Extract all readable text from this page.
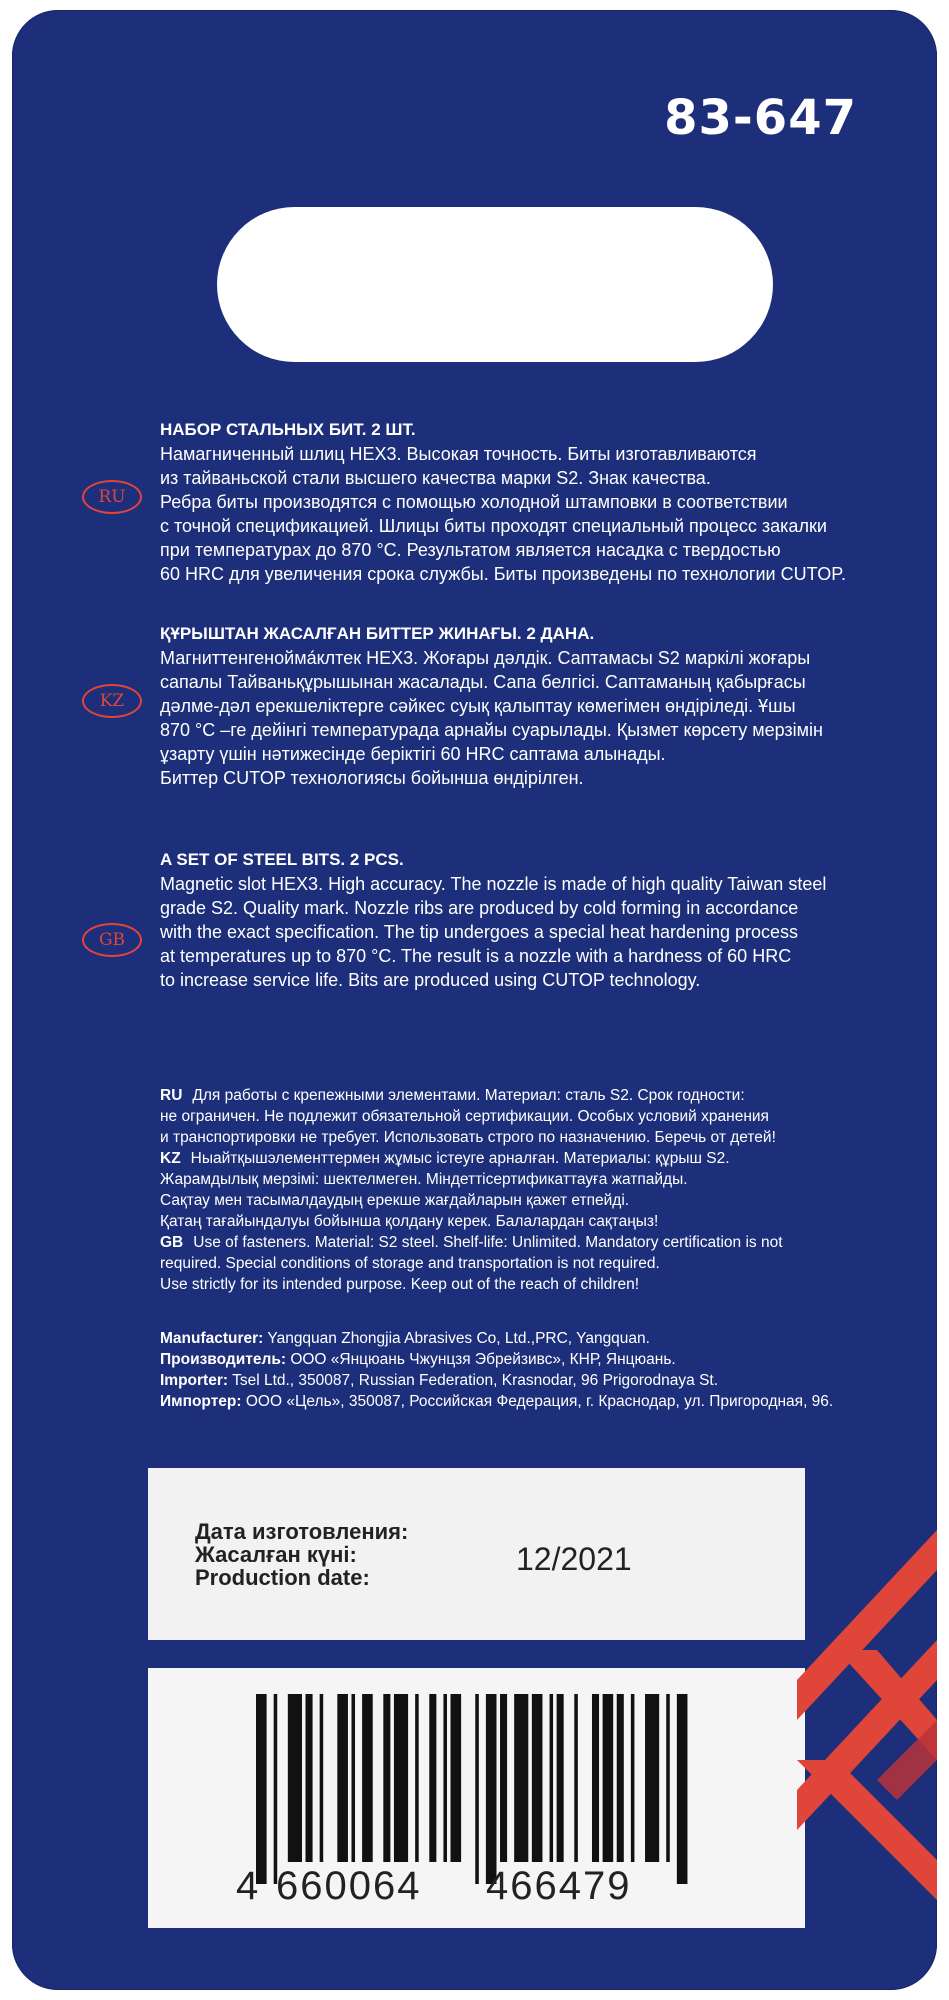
83-647
НАБОР СТАЛЬНЫХ БИТ. 2 ШТ.
Намагниченный шлиц HEX3. Высокая точность. Биты изготавливаются
из тайваньской стали высшего качества марки S2. Знак качества.
Ребра биты производятся с помощью холодной штамповки в соответствии
с точной спецификацией. Шлицы биты проходят специальный процесс закалки
при температурах до 870 °С. Результатом является насадка с твердостью
60 HRC для увеличения срока службы. Биты произведены по технологии CUTOP.
RU
ҚҰРЫШТАН ЖАСАЛҒАН БИТТЕР ЖИНАҒЫ. 2 ДАНА.
Магниттенгенойма́клтек HEX3. Жоғары дәлдік. Саптамасы S2 маркілі жоғары
сапалы Тайваньқұрышынан жасалады. Сапа белгісі. Саптаманың қабырғасы
дәлме-дәл ерекшеліктерге сәйкес суық қалыптау көмегімен өндіріледі. Ұшы
870 °С –ге дейінгі температурада арнайы суарылады. Қызмет көрсету мерзімін
ұзарту үшін нәтижесінде беріктігі 60 HRC саптама алынады.
Биттер CUTOP технологиясы бойынша өндірілген.
KZ
A SET OF STEEL BITS. 2 PCS.
Magnetic slot HEX3. High accuracy. The nozzle is made of high quality Taiwan steel
grade S2. Quality mark. Nozzle ribs are produced by cold forming in accordance
with the exact specification. The tip undergoes a special heat hardening process
at temperatures up to 870 °C. The result is a nozzle with a hardness of 60 HRC
to increase service life. Bits are produced using CUTOP technology.
GB
RU Для работы с крепежными элементами. Материал: сталь S2. Срок годности:
не ограничен. Не подлежит обязательной сертификации. Особых условий хранения
и транспортировки не требует. Использовать строго по назначению. Беречь от детей!
KZ Ныайтқышэлементтермен жұмыс істеуге арналған. Материалы: құрыш S2.
Жарамдылық мерзімі: шектелмеген. Міндеттісертификаттауға жатпайды.
Сақтау мен тасымалдаудың ерекше жағдайларын қажет етпейді.
Қатаң тағайындалуы бойынша қолдану керек. Балалардан сақтаңыз!
GB Use of fasteners. Material: S2 steel. Shelf-life: Unlimited. Mandatory certification is not
required. Special conditions of storage and transportation is not required.
Use strictly for its intended purpose. Keep out of the reach of children!
Manufacturer: Yangquan Zhongjia Abrasives Co, Ltd.,PRC, Yangquan.
Производитель: ООО «Янцюань Чжунцзя Эбрейзивс», КНР, Янцюань.
Importer: Tsel Ltd., 350087, Russian Federation, Krasnodar, 96 Prigorodnaya St.
Импортер: ООО «Цель», 350087, Российская Федерация, г. Краснодар, ул. Пригородная, 96.
Дата изготовления:
Жасалған күні:
Production date:
12/2021
4 660064 466479
